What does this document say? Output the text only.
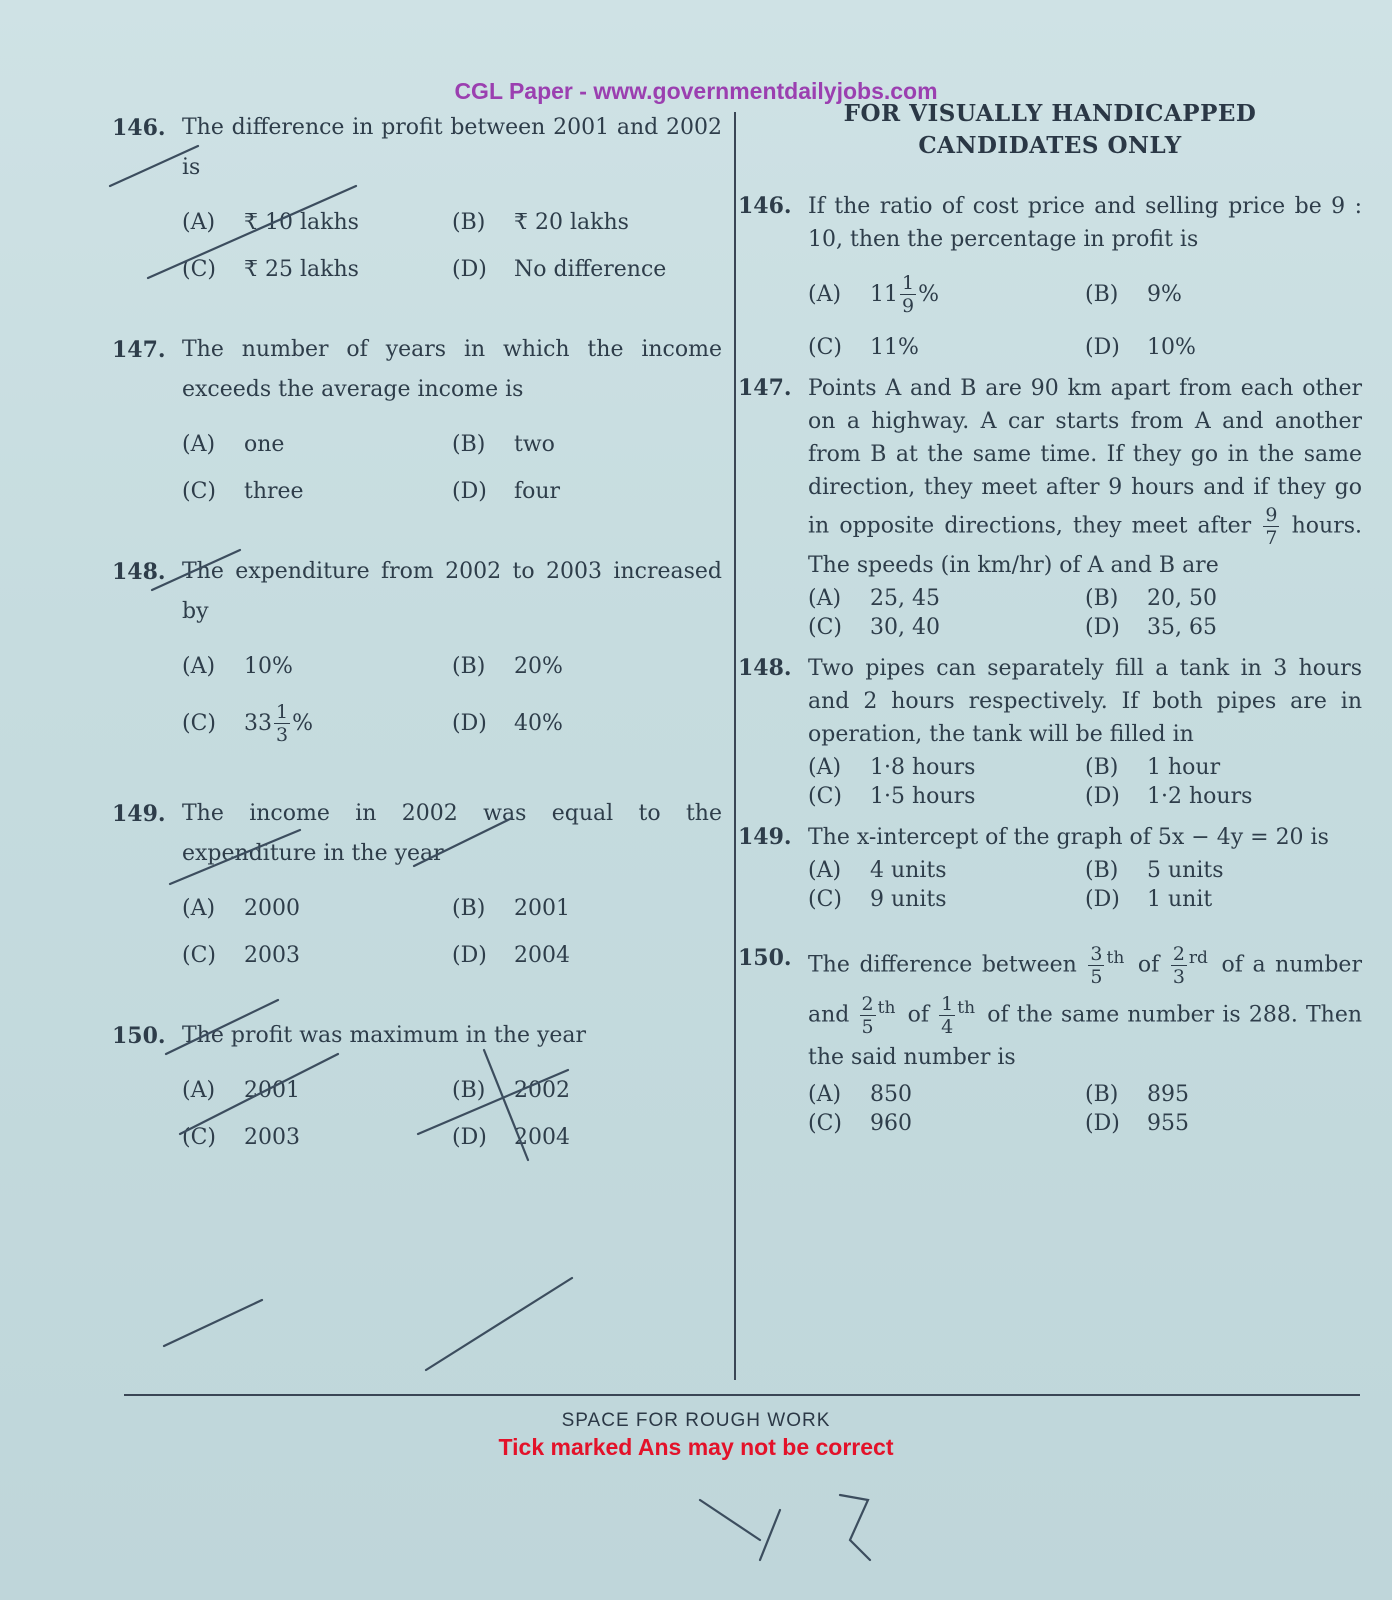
CGL Paper - www.governmentdailyjobs.com
146. The difference in profit between 2001 and 2002 is
(A)	₹ 10 lakhs	(B)	₹ 20 lakhs
(C)	₹ 25 lakhs	(D)	No difference
147. The number of years in which the income exceeds the average income is
(A)	one	(B)	two
(C)	three	(D)	four
148. The expenditure from 2002 to 2003 increased by
(A)	10%	(B)	20%
(C)	$33 \frac{1}{3}$ %	(D)	40%
149. The income in 2002 was equal to the expenditure in the year
(A)	2000	(B)	2001
(C)	2003	(D)	2004
150. The profit was maximum in the year
(A)	2001	(B)	2002
(C)	2003	(D)	2004
FOR VISUALLY HANDICAPPED
CANDIDATES ONLY
146. If the ratio of cost price and selling price be 9 : 10, then the percentage in profit is
(A)	$11 \frac{1}{9}$ %	(B)	9%
(C)	11%	(D)	10%
147. Points A and B are 90 km apart from each other on a highway. A car starts from A and another from B at the same time. If they go in the same direction, they meet after 9 hours and if they go in opposite directions, they meet after $\frac{9}{7}$ hours. The speeds (in km/hr) of A and B are
(A)	25, 45	(B)	20, 50
(C)	30, 40	(D)	35, 65
148. Two pipes can separately fill a tank in 3 hours and 2 hours respectively. If both pipes are in operation, the tank will be filled in
(A)	1·8 hours	(B)	1 hour
(C)	1·5 hours	(D)	1·2 hours
149. The x-intercept of the graph of 5x − 4y = 20 is
(A)	4 units	(B)	5 units
(C)	9 units	(D)	1 unit
150. The difference between $\frac{3}{5} ^{th}$ of $\frac{2}{3} ^{rd}$ of a number and $\frac{2}{5} ^{th}$ of $\frac{1}{4} ^{th}$ of the same number is 288. Then the said number is
(A)	850	(B)	895
(C)	960	(D)	955
SPACE FOR ROUGH WORK
Tick marked Ans may not be correct
